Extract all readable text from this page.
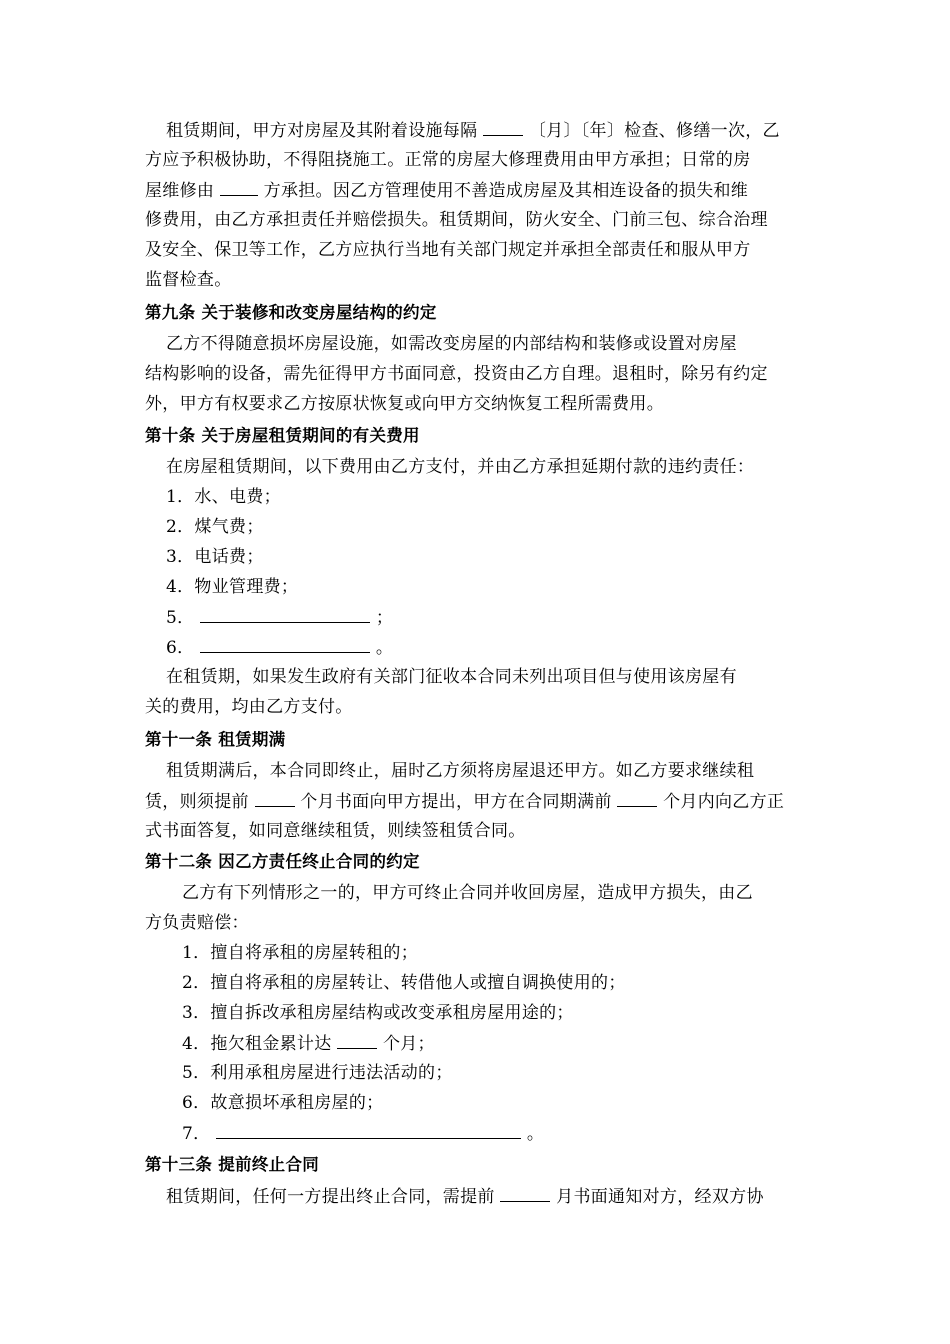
租赁期间，甲方对房屋及其附着设施每隔	〔月〕〔年〕检查、修缮一次，乙
方应予积极协助，不得阻挠施工。正常的房屋大修理费用由甲方承担；日常的房
屋维修由	方承担。因乙方管理使用不善造成房屋及其相连设备的损失和维
修费用，由乙方承担责任并赔偿损失。租赁期间，防火安全、门前三包、综合治理
及安全、保卫等工作，乙方应执行当地有关部门规定并承担全部责任和服从甲方
监督检查。
第九条 关于装修和改变房屋结构的约定
乙方不得随意损坏房屋设施，如需改变房屋的内部结构和装修或设置对房屋
结构影响的设备，需先征得甲方书面同意，投资由乙方自理。退租时，除另有约定
外，甲方有权要求乙方按原状恢复或向甲方交纳恢复工程所需费用。
第十条 关于房屋租赁期间的有关费用
在房屋租赁期间，以下费用由乙方支付，并由乙方承担延期付款的违约责任：
1．水、电费；
2．煤气费；
3．电话费；
4．物业管理费；
5．	；
6．	。
在租赁期，如果发生政府有关部门征收本合同未列出项目但与使用该房屋有
关的费用，均由乙方支付。
第十一条 租赁期满
租赁期满后，本合同即终止，届时乙方须将房屋退还甲方。如乙方要求继续租
赁，则须提前	个月书面向甲方提出，甲方在合同期满前	个月内向乙方正
式书面答复，如同意继续租赁，则续签租赁合同。
第十二条 因乙方责任终止合同的约定
乙方有下列情形之一的，甲方可终止合同并收回房屋，造成甲方损失，由乙
方负责赔偿：
1．擅自将承租的房屋转租的；
2．擅自将承租的房屋转让、转借他人或擅自调换使用的；
3．擅自拆改承租房屋结构或改变承租房屋用途的；
4．拖欠租金累计达	个月；
5．利用承租房屋进行违法活动的；
6．故意损坏承租房屋的；
7．	。
第十三条 提前终止合同
租赁期间，任何一方提出终止合同，需提前	月书面通知对方，经双方协
